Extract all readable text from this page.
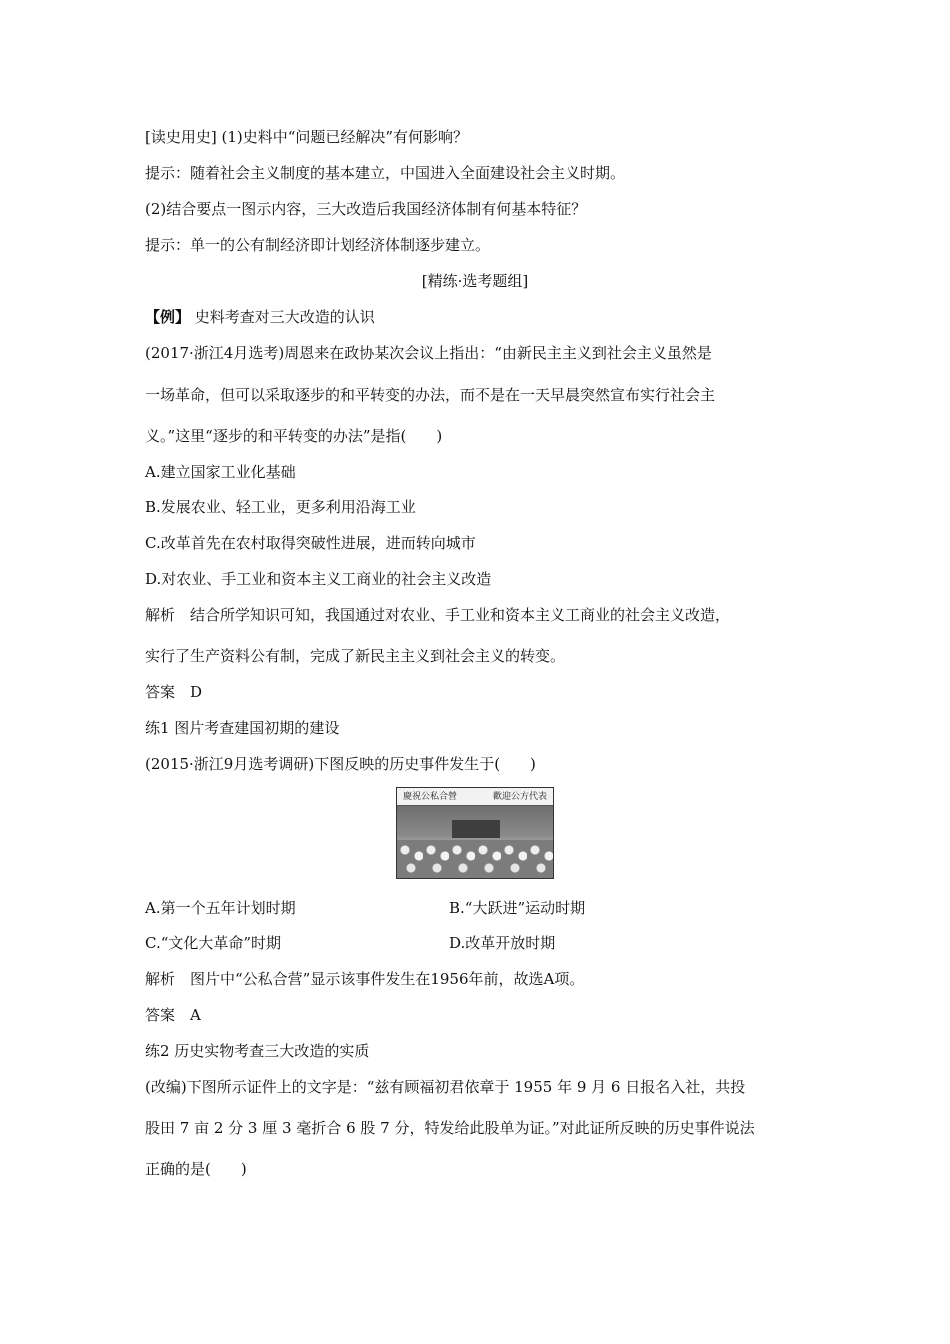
[读史用史] (1)史料中“问题已经解决”有何影响？
提示：随着社会主义制度的基本建立，中国进入全面建设社会主义时期。
(2)结合要点一图示内容，三大改造后我国经济体制有何基本特征？
提示：单一的公有制经济即计划经济体制逐步建立。
[精练·选考题组]
【例】 史料考查对三大改造的认识
(2017·浙江4月选考)周恩来在政协某次会议上指出：“由新民主主义到社会主义虽然是
一场革命，但可以采取逐步的和平转变的办法，而不是在一天早晨突然宣布实行社会主
义。”这里“逐步的和平转变的办法”是指(　　)
A.建立国家工业化基础
B.发展农业、轻工业，更多利用沿海工业
C.改革首先在农村取得突破性进展，进而转向城市
D.对农业、手工业和资本主义工商业的社会主义改造
解析　结合所学知识可知，我国通过对农业、手工业和资本主义工商业的社会主义改造，
实行了生产资料公有制，完成了新民主主义到社会主义的转变。
答案　D
练1 图片考查建国初期的建设
(2015·浙江9月选考调研)下图反映的历史事件发生于(　　)
慶祝公私合營	歡迎公方代表
A.第一个五年计划时期	B.“大跃进”运动时期
C.“文化大革命”时期	D.改革开放时期
解析　图片中“公私合营”显示该事件发生在1956年前，故选A项。
答案　A
练2 历史实物考查三大改造的实质
(改编)下图所示证件上的文字是：“兹有顾福初君依章于 1955 年 9 月 6 日报名入社，共投
股田 7 亩 2 分 3 厘 3 毫折合 6 股 7 分，特发给此股单为证。”对此证所反映的历史事件说法
正确的是(　　)
